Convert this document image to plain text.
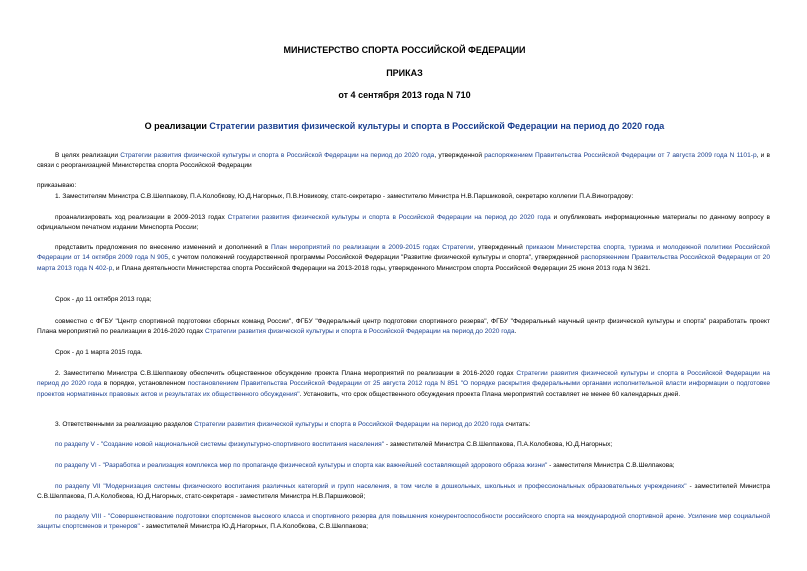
МИНИСТЕРСТВО СПОРТА РОССИЙСКОЙ ФЕДЕРАЦИИ
ПРИКАЗ
от 4 сентября 2013 года N 710
О реализации Стратегии развития физической культуры и спорта в Российской Федерации на период до 2020 года
В целях реализации Стратегии развития физической культуры и спорта в Российской Федерации на период до 2020 года, утвержденной распоряжением Правительства Российской Федерации от 7 августа 2009 года N 1101-р, и в связи с реорганизацией Министерства спорта Российской Федерации
приказываю:
1. Заместителям Министра С.В.Шелпакову, П.А.Колобкову, Ю.Д.Нагорных, П.В.Новикову, статс-секретарю - заместителю Министра Н.В.Паршиковой, секретарю коллегии П.А.Виноградову:
проанализировать ход реализации в 2009-2013 годах Стратегии развития физической культуры и спорта в Российской Федерации на период до 2020 года и опубликовать информационные материалы по данному вопросу в официальном печатном издании Минспорта России;
представить предложения по внесению изменений и дополнений в План мероприятий по реализации в 2009-2015 годах Стратегии, утвержденный приказом Министерства спорта, туризма и молодежной политики Российской Федерации от 14 октября 2009 года N 905, с учетом положений государственной программы Российской Федерации "Развитие физической культуры и спорта", утвержденной распоряжением Правительства Российской Федерации от 20 марта 2013 года N 402-р, и Плана деятельности Министерства спорта Российской Федерации на 2013-2018 годы, утвержденного Министром спорта Российской Федерации 25 июня 2013 года N 3621.
Срок - до 11 октября 2013 года;
совместно с ФГБУ "Центр спортивной подготовки сборных команд России", ФГБУ "Федеральный центр подготовки спортивного резерва", ФГБУ "Федеральный научный центр физической культуры и спорта" разработать проект Плана мероприятий по реализации в 2016-2020 годах Стратегии развития физической культуры и спорта в Российской Федерации на период до 2020 года.
Срок - до 1 марта 2015 года.
2. Заместителю Министра С.В.Шелпакову обеспечить общественное обсуждение проекта Плана мероприятий по реализации в 2016-2020 годах Стратегии развития физической культуры и спорта в Российской Федерации на период до 2020 года в порядке, установленном постановлением Правительства Российской Федерации от 25 августа 2012 года N 851 "О порядке раскрытия федеральными органами исполнительной власти информации о подготовке проектов нормативных правовых актов и результатах их общественного обсуждения". Установить, что срок общественного обсуждения проекта Плана мероприятий составляет не менее 60 календарных дней.
3. Ответственными за реализацию разделов Стратегии развития физической культуры и спорта в Российской Федерации на период до 2020 года считать:
по разделу V - "Создание новой национальной системы физкультурно-спортивного воспитания населения" - заместителей Министра С.В.Шелпакова, П.А.Колобкова, Ю.Д.Нагорных;
по разделу VI - "Разработка и реализация комплекса мер по пропаганде физической культуры и спорта как важнейшей составляющей здорового образа жизни" - заместителя Министра С.В.Шелпакова;
по разделу VII "Модернизация системы физического воспитания различных категорий и групп населения, в том числе в дошкольных, школьных и профессиональных образовательных учреждениях" - заместителей Министра С.В.Шелпакова, П.А.Колобкова, Ю.Д.Нагорных, статс-секретаря - заместителя Министра Н.В.Паршиковой;
по разделу VIII - "Совершенствование подготовки спортсменов высокого класса и спортивного резерва для повышения конкурентоспособности российского спорта на международной спортивной арене. Усиление мер социальной защиты спортсменов и тренеров" - заместителей Министра Ю.Д.Нагорных, П.А.Колобкова, С.В.Шелпакова;
